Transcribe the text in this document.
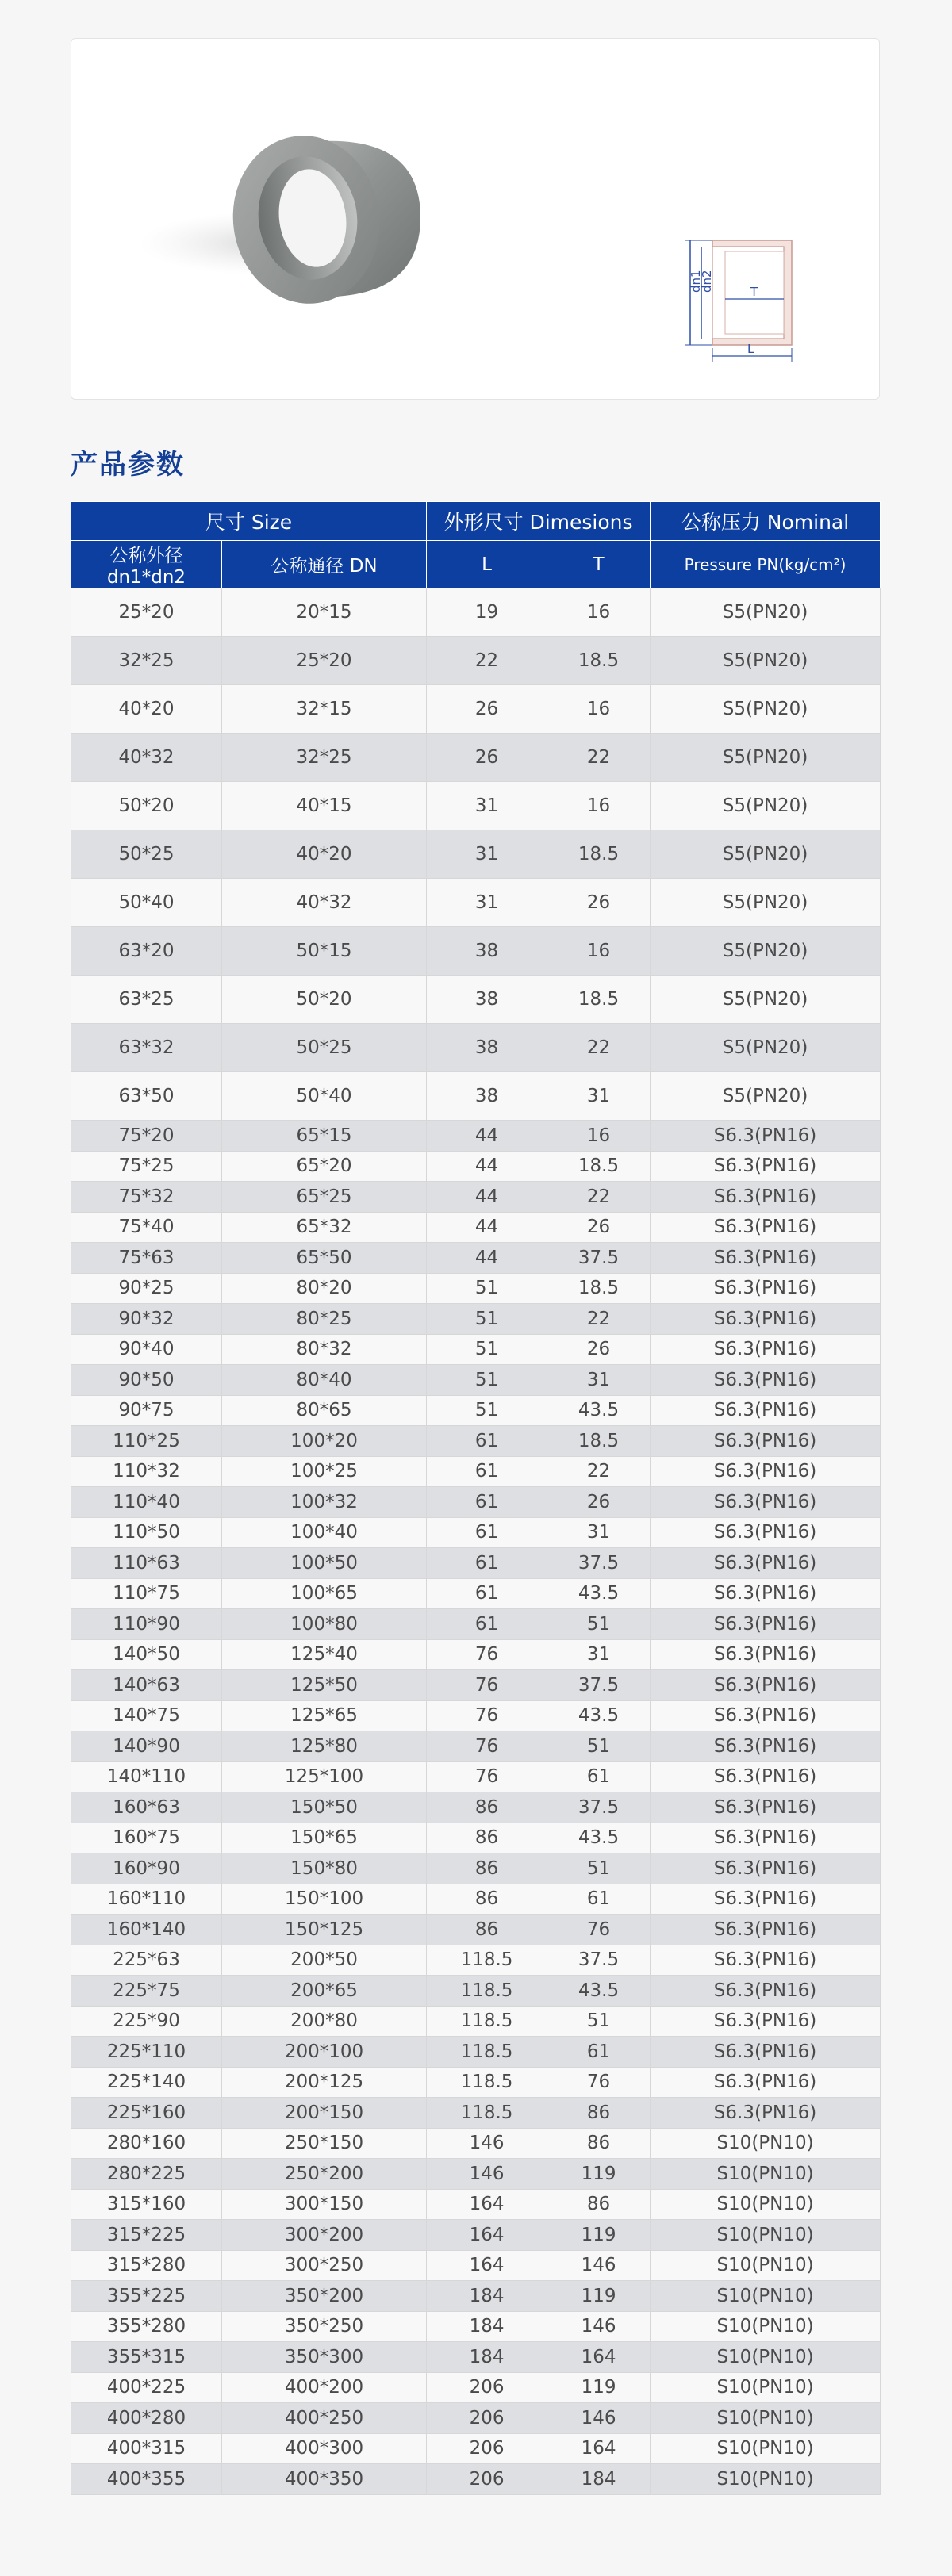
dn1
dn2	T
L
产品参数
尺寸 Size		外形尺寸 Dimesions		公称压力 Nominal
公称外径 dn1*dn2	公称通径 DN	L	T	Pressure PN(kg/cm²)
25*20	20*15	19	16	S5(PN20)
32*25	25*20	22	18.5	S5(PN20)
40*20	32*15	26	16	S5(PN20)
40*32	32*25	26	22	S5(PN20)
50*20	40*15	31	16	S5(PN20)
50*25	40*20	31	18.5	S5(PN20)
50*40	40*32	31	26	S5(PN20)
63*20	50*15	38	16	S5(PN20)
63*25	50*20	38	18.5	S5(PN20)
63*32	50*25	38	22	S5(PN20)
63*50	50*40	38	31	S5(PN20)
75*20	65*15	44	16	S6.3(PN16)
75*25	65*20	44	18.5	S6.3(PN16)
75*32	65*25	44	22	S6.3(PN16)
75*40	65*32	44	26	S6.3(PN16)
75*63	65*50	44	37.5	S6.3(PN16)
90*25	80*20	51	18.5	S6.3(PN16)
90*32	80*25	51	22	S6.3(PN16)
90*40	80*32	51	26	S6.3(PN16)
90*50	80*40	51	31	S6.3(PN16)
90*75	80*65	51	43.5	S6.3(PN16)
110*25	100*20	61	18.5	S6.3(PN16)
110*32	100*25	61	22	S6.3(PN16)
110*40	100*32	61	26	S6.3(PN16)
110*50	100*40	61	31	S6.3(PN16)
110*63	100*50	61	37.5	S6.3(PN16)
110*75	100*65	61	43.5	S6.3(PN16)
110*90	100*80	61	51	S6.3(PN16)
140*50	125*40	76	31	S6.3(PN16)
140*63	125*50	76	37.5	S6.3(PN16)
140*75	125*65	76	43.5	S6.3(PN16)
140*90	125*80	76	51	S6.3(PN16)
140*110	125*100	76	61	S6.3(PN16)
160*63	150*50	86	37.5	S6.3(PN16)
160*75	150*65	86	43.5	S6.3(PN16)
160*90	150*80	86	51	S6.3(PN16)
160*110	150*100	86	61	S6.3(PN16)
160*140	150*125	86	76	S6.3(PN16)
225*63	200*50	118.5	37.5	S6.3(PN16)
225*75	200*65	118.5	43.5	S6.3(PN16)
225*90	200*80	118.5	51	S6.3(PN16)
225*110	200*100	118.5	61	S6.3(PN16)
225*140	200*125	118.5	76	S6.3(PN16)
225*160	200*150	118.5	86	S6.3(PN16)
280*160	250*150	146	86	S10(PN10)
280*225	250*200	146	119	S10(PN10)
315*160	300*150	164	86	S10(PN10)
315*225	300*200	164	119	S10(PN10)
315*280	300*250	164	146	S10(PN10)
355*225	350*200	184	119	S10(PN10)
355*280	350*250	184	146	S10(PN10)
355*315	350*300	184	164	S10(PN10)
400*225	400*200	206	119	S10(PN10)
400*280	400*250	206	146	S10(PN10)
400*315	400*300	206	164	S10(PN10)
400*355	400*350	206	184	S10(PN10)
